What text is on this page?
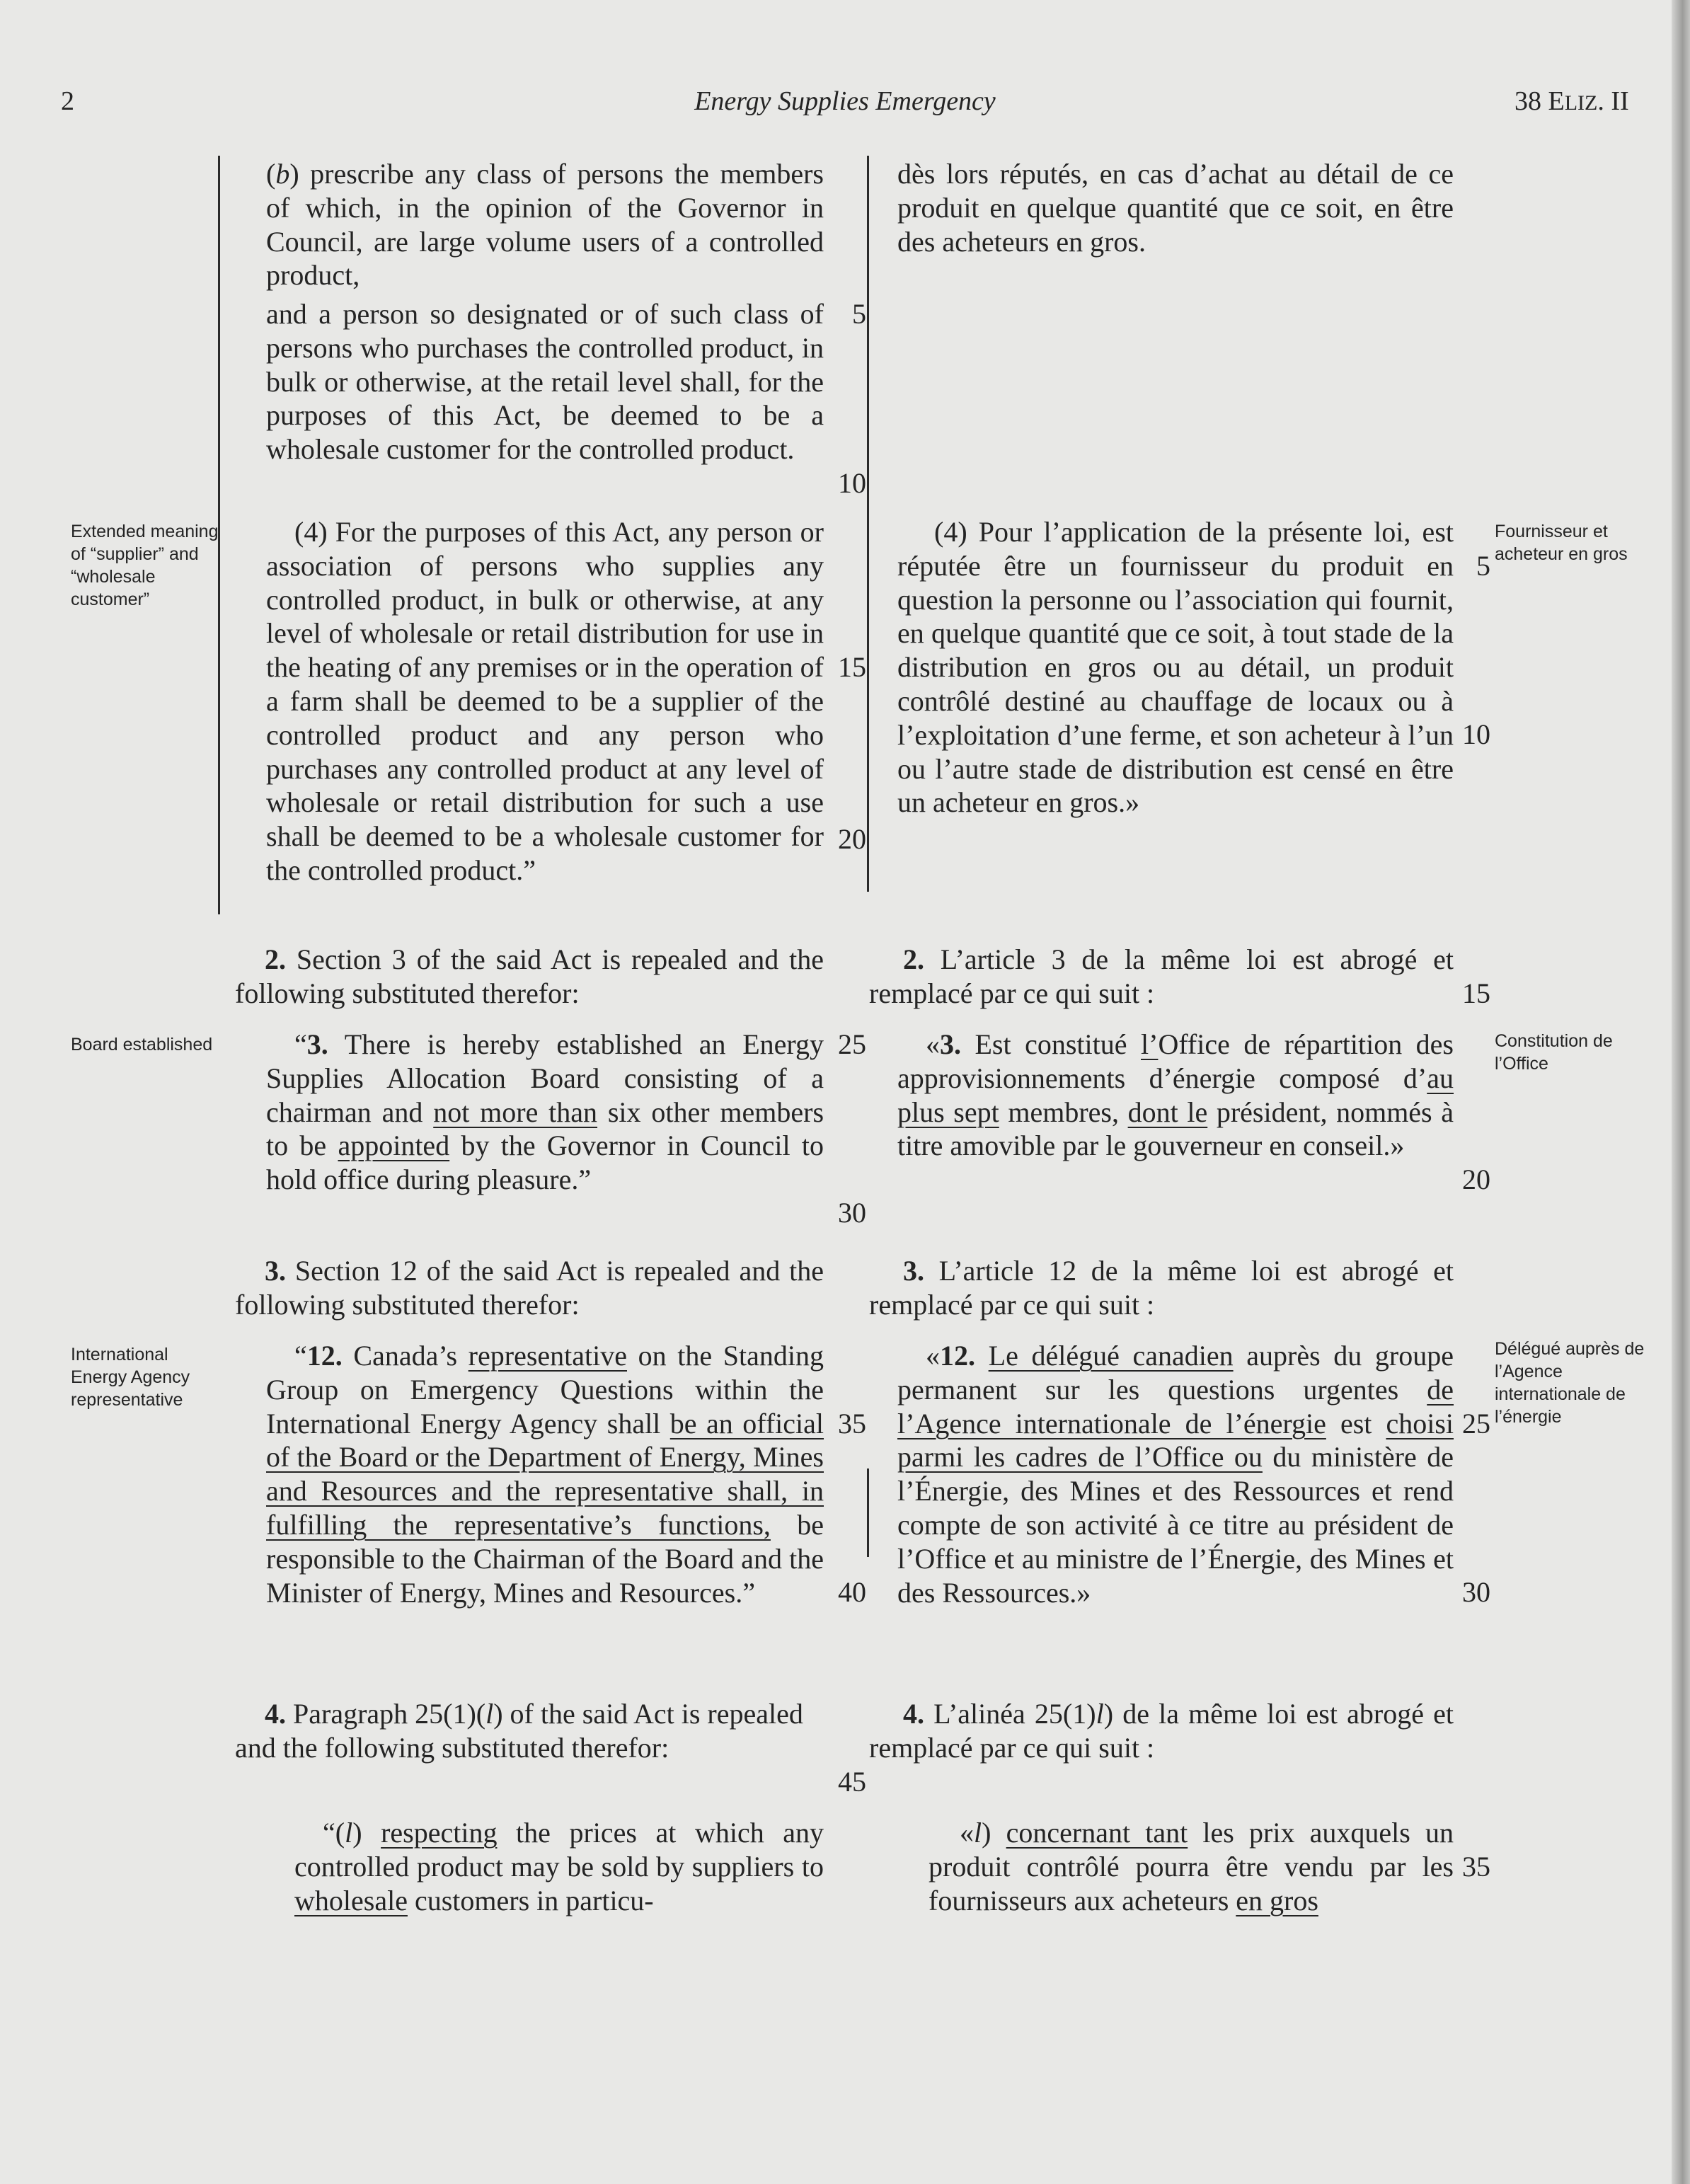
2	Energy Supplies Emergency	38 ELIZ. II
Extended meaning of “supplier” and “wholesale customer”
Board established
International Energy Agency representative
Fournisseur et acheteur en gros
Constitution de l’Office
Délégué auprès de l’Agence internationale de l’énergie

(b) prescribe any class of persons the members of which, in the opinion of the Governor in Council, are large volume users of a controlled product,

and a person so designated or of such class of persons who purchases the controlled product, in bulk or otherwise, at the retail level shall, for the purposes of this Act, be deemed to be a wholesale customer for the controlled product.
(4) For the purposes of this Act, any person or association of persons who supplies any controlled product, in bulk or otherwise, at any level of wholesale or retail distribution for use in the heating of any premises or in the operation of a farm shall be deemed to be a supplier of the controlled product and any person who purchases any controlled product at any level of wholesale or retail distribution for such a use shall be deemed to be a wholesale customer for the controlled product.”
2. Section 3 of the said Act is repealed and the following substituted therefor:
“3. There is hereby established an Energy Supplies Allocation Board consisting of a chairman and not more than six other members to be appointed by the Governor in Council to hold office during pleasure.”
3. Section 12 of the said Act is repealed and the following substituted therefor:
“12. Canada’s representative on the Standing Group on Emergency Questions within the International Energy Agency shall be an official of the Board or the Department of Energy, Mines and Resources and the representative shall, in fulfilling the representative’s functions, be responsible to the Chairman of the Board and the Minister of Energy, Mines and Resources.”
4. Paragraph 25(1)(l) of the said Act is repealed and the following substituted therefor:
“(l) respecting the prices at which any controlled product may be sold by suppliers to wholesale customers in particu-
dès lors réputés, en cas d’achat au détail de ce produit en quelque quantité que ce soit, en être des acheteurs en gros.
(4) Pour l’application de la présente loi, est réputée être un fournisseur du produit en question la personne ou l’association qui fournit, en quelque quantité que ce soit, à tout stade de la distribution en gros ou au détail, un produit contrôlé destiné au chauffage de locaux ou à l’exploitation d’une ferme, et son acheteur à l’un ou l’autre stade de distribution est censé en être un acheteur en gros.»
2. L’article 3 de la même loi est abrogé et remplacé par ce qui suit :
«3. Est constitué l’Office de répartition des approvisionnements d’énergie composé d’au plus sept membres, dont le président, nommés à titre amovible par le gouverneur en conseil.»
3. L’article 12 de la même loi est abrogé et remplacé par ce qui suit :
«12. Le délégué canadien auprès du groupe permanent sur les questions urgentes de l’Agence internationale de l’énergie est choisi parmi les cadres de l’Office ou du ministère de l’Énergie, des Mines et des Ressources et rend compte de son activité à ce titre au président de l’Office et au ministre de l’Énergie, des Mines et des Ressources.»
4. L’alinéa 25(1)l) de la même loi est abrogé et remplacé par ce qui suit :
«l) concernant tant les prix auxquels un produit contrôlé pourra être vendu par les fournisseurs aux acheteurs en gros
5
10
15
20
25
30
35
40
45
5
10
15
20
25
30
35
